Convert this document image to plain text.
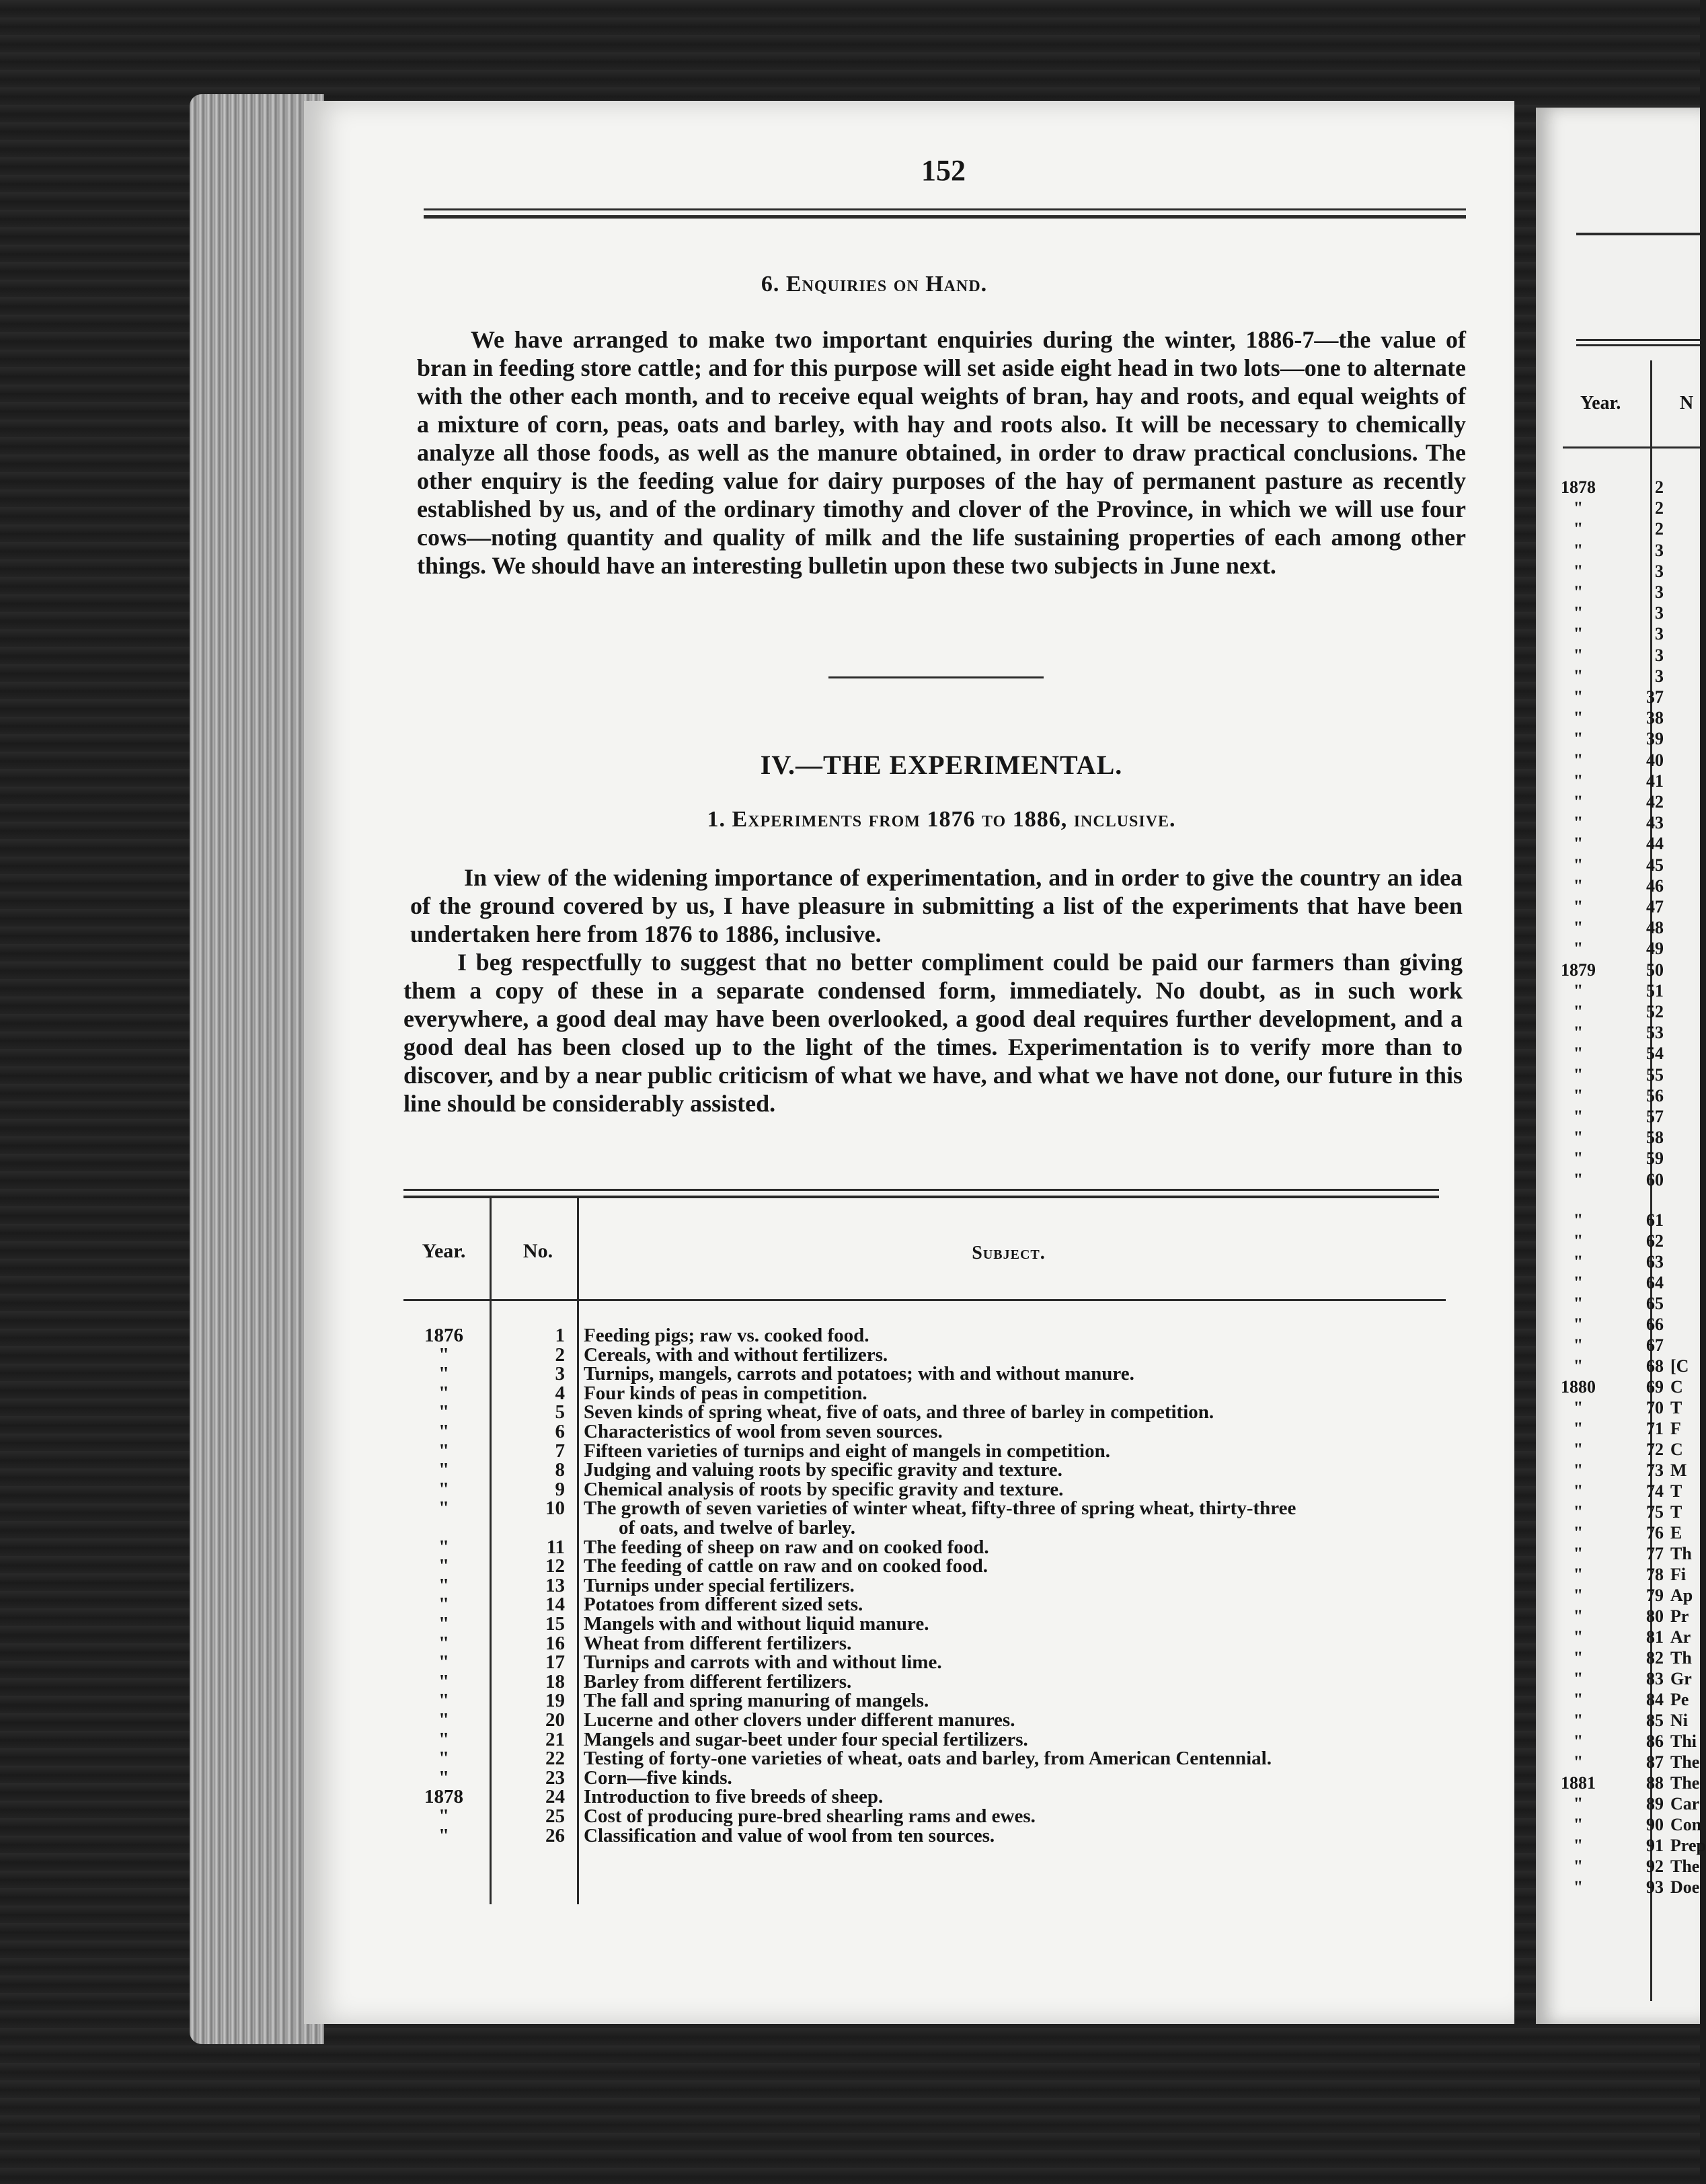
152
6. Enquiries on Hand.
We have arranged to make two important enquiries during the winter, 1886-7—the value of bran in feeding store cattle; and for this purpose will set aside eight head in two lots—one to alternate with the other each month, and to receive equal weights of bran, hay and roots, and equal weights of a mixture of corn, peas, oats and barley, with hay and roots also. It will be necessary to chemically analyze all those foods, as well as the manure obtained, in order to draw practical conclusions. The other enquiry is the feeding value for dairy purposes of the hay of permanent pasture as recently established by us, and of the ordinary timothy and clover of the Province, in which we will use four cows—noting quantity and quality of milk and the life sustaining properties of each among other things. We should have an interesting bulletin upon these two subjects in June next.
IV.—THE EXPERIMENTAL.
1. Experiments from 1876 to 1886, inclusive.
In view of the widening importance of experimentation, and in order to give the country an idea of the ground covered by us, I have pleasure in submitting a list of the experiments that have been undertaken here from 1876 to 1886, inclusive.
I beg respectfully to suggest that no better compliment could be paid our farmers than giving them a copy of these in a separate condensed form, immediately. No doubt, as in such work everywhere, a good deal may have been overlooked, a good deal requires further development, and a good deal has been closed up to the light of the times. Experimentation is to verify more than to discover, and by a near public criticism of what we have, and what we have not done, our future in this line should be considerably assisted.
Year.	No.	Subject.
1876	1 Feeding pigs; raw vs. cooked food.
"	2 Cereals, with and without fertilizers.
"	3 Turnips, mangels, carrots and potatoes; with and without manure.
"	4 Four kinds of peas in competition.
"	5 Seven kinds of spring wheat, five of oats, and three of barley in competition.
"	6 Characteristics of wool from seven sources.
"	7 Fifteen varieties of turnips and eight of mangels in competition.
"	8 Judging and valuing roots by specific gravity and texture.
"	9 Chemical analysis of roots by specific gravity and texture.
"	10 The growth of seven varieties of winter wheat, fifty-three of spring wheat, thirty-three
of oats, and twelve of barley.
"	11 The feeding of sheep on raw and on cooked food.
"	12 The feeding of cattle on raw and on cooked food.
"	13 Turnips under special fertilizers.
"	14 Potatoes from different sized sets.
"	15 Mangels with and without liquid manure.
"	16 Wheat from different fertilizers.
"	17 Turnips and carrots with and without lime.
"	18 Barley from different fertilizers.
"	19 The fall and spring manuring of mangels.
"	20 Lucerne and other clovers under different manures.
"	21 Mangels and sugar-beet under four special fertilizers.
"	22 Testing of forty-one varieties of wheat, oats and barley, from American Centennial.
"	23 Corn—five kinds.
1878	24 Introduction to five breeds of sheep.
"	25 Cost of producing pure-bred shearling rams and ewes.
"	26 Classification and value of wool from ten sources.
Year.	N
1878	2
"	2
"	2
"	3
"	3
"	3
"	3
"	3
"	3
"	3
"	37
"	38
"	39
"	40
"	41
"	42
"	43
"	44
"	45
"	46
"	47
"	48
"	49
1879	50
"	51
"	52
"	53
"	54
"	55
"	56
"	57
"	58
"	59
"	60
"	61
"	62
"	63
"	64
"	65
"	66
"	67
"	68 [C
1880	69 C
"	70 T
"	71 F
"	72 C
"	73 M
"	74 T
"	75 T
"	76 E
"	77 Th
"	78 Fi
"	79 Ap
"	80 Pr
"	81 Ar
"	82 Th
"	83 Gr
"	84 Pe
"	85 Ni
"	86 Thi
"	87 The
1881	88 The
"	89 Car
"	90 Con
"	91 Prep
"	92 The
"	93 Doe
